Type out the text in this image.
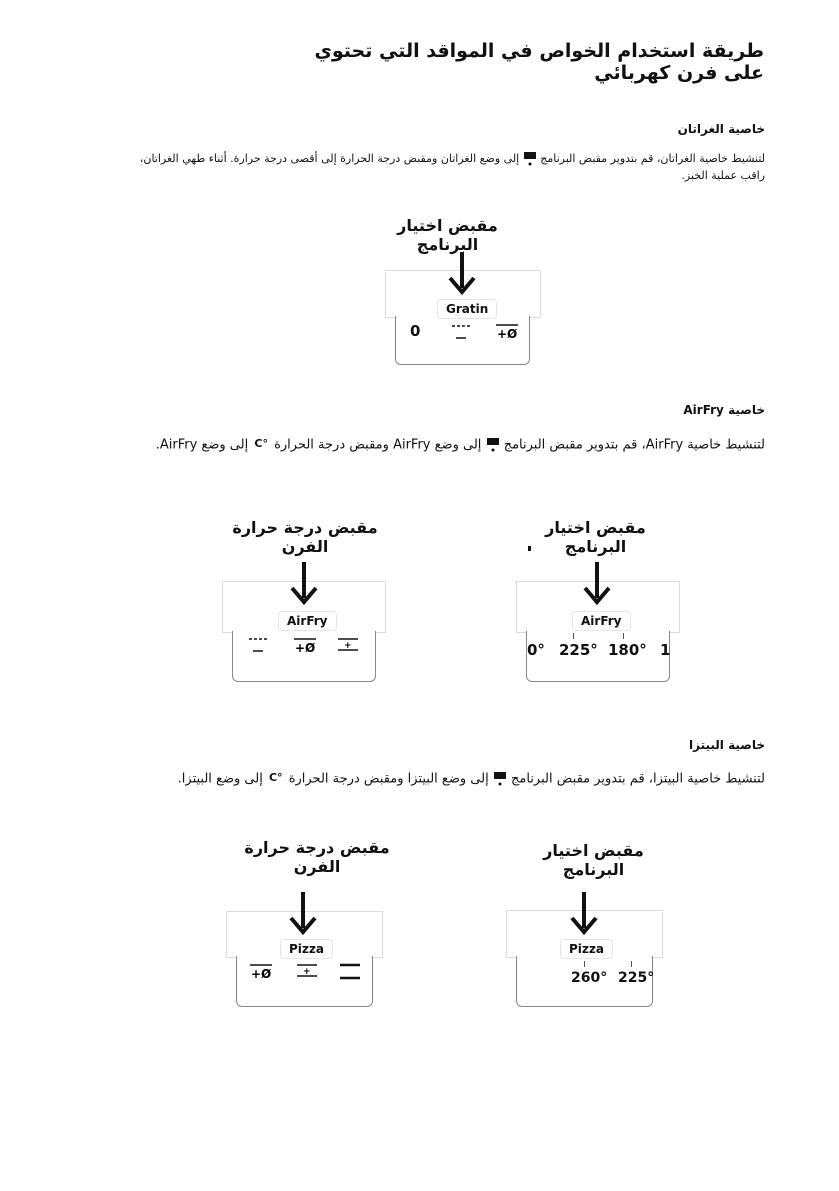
طريقة استخدام الخواص في المواقد التي تحتوي على فرن كهربائي
خاصية الغراتان
لتنشيط خاصية الغراتان، قم بتدوير مقبض البرنامج  إلى وضع الغراتان ومقبض درجة الحرارة إلى أقصى درجة حرارة. أثناء طهي الغراتان،
راقب عملية الخبز.
مقبض اختيار البرنامج
Gratin
0	+Ø
خاصية AirFry
لتنشيط خاصية AirFry، قم بتدوير مقبض البرنامج  إلى وضع AirFry ومقبض درجة الحرارة °C إلى وضع AirFry.
مقبض درجة حرارة الفرن
مقبض اختيار البرنامج
AirFry
+Ø	+
AirFry
0° 225° 180° 1
خاصية البيتزا
لتنشيط خاصية البيتزا، قم بتدوير مقبض البرنامج  إلى وضع البيتزا ومقبض درجة الحرارة °C إلى وضع البيتزا.
مقبض درجة حرارة الفرن
مقبض اختيار البرنامج
Pizza
+Ø	+
Pizza
260° 225°
